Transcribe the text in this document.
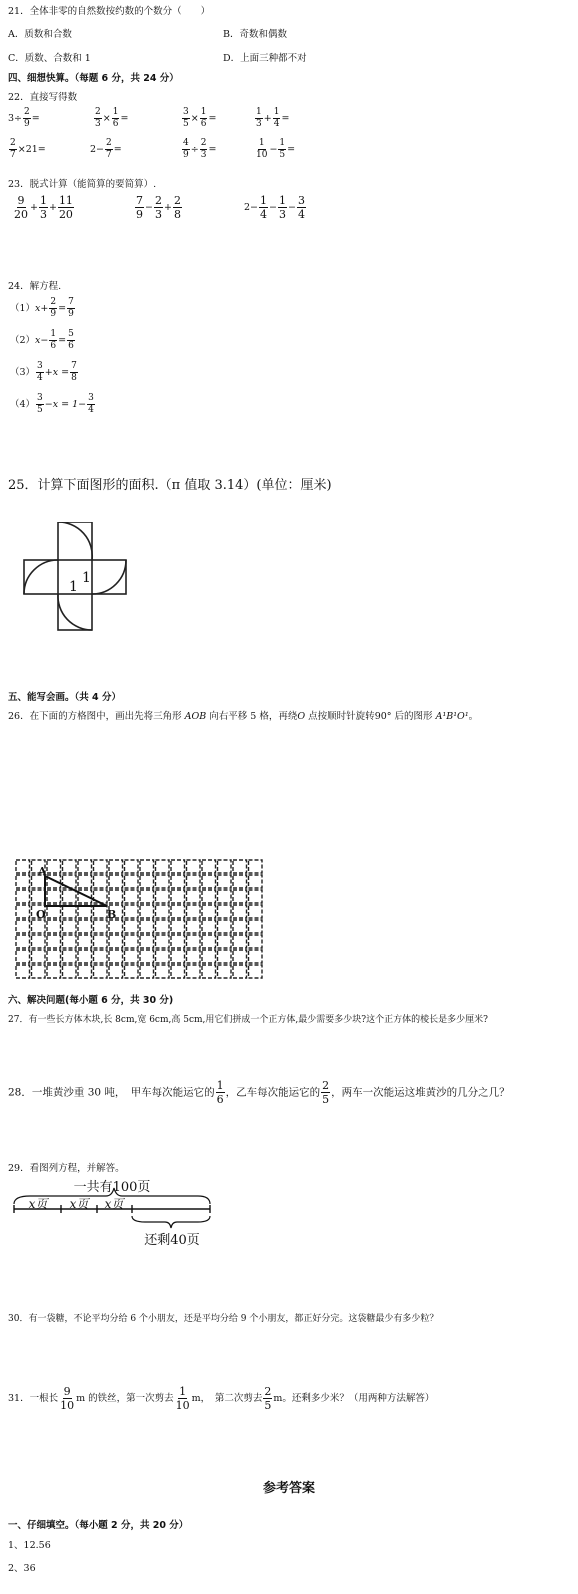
21．全体非零的自然数按约数的个数分（　　）
A．质数和合数	B．奇数和偶数
C．质数、合数和 1	D．上面三种都不对
四、细想快算。（每题 6 分，共 24 分）
22．直接写得数
$3\div \frac{2}{9}$ =	$\frac{2}{3} \times \frac{1}{6}$ =	$\frac{3}{5} \times \frac{1}{6}$ =	$\frac{1}{3} + \frac{1}{4}$ =
$\frac{2}{7} \times 21=$	$2- \frac{2}{7}$ =	$\frac{4}{9} \div \frac{2}{3}$ =	$\frac{1}{10} - \frac{1}{5}$ =
23．脱式计算（能简算的要简算）.
$\frac{9}{20} + \frac{1}{3} + \frac{11}{20}$	$\frac{7}{9} - \frac{2}{3} + \frac{2}{8}$	$2- \frac{1}{4} - \frac{1}{3} - \frac{3}{4}$
24．解方程.
$(1)x+ \frac{2}{9} = \frac{7}{9}$
$(2)x- \frac{1}{6} = \frac{5}{6}$
$(3) \frac{3}{4} +x = \frac{7}{8}$
$(4) \frac{3}{5} -x = 1- \frac{3}{4}$
25．计算下面图形的面积.（π 值取 3.14）(单位：厘米)
1
1
五、能写会画。（共 4 分）
26．在下面的方格图中，画出先将三角形 AOB 向右平移 5 格，再绕O 点按顺时针旋转90° 后的图形 A¹B¹O¹。
A
O	B
六、解决问题(每小题 6 分，共 30 分)
27．有一些长方体木块,长 8cm,宽 6cm,高 5cm,用它们拼成一个正方体,最少需要多少块?这个正方体的棱长是多少厘米?
28．一堆黄沙重 30 吨，　甲车每次能运它的 $\frac{1}{6}$ ，乙车每次能运它的 $\frac{2}{5}$ ，两车一次能运这堆黄沙的几分之几？
29．看图列方程，并解答。
一共有100页
x页 x页 x页
还剩40页
30．有一袋糖，不论平均分给 6 个小朋友，还是平均分给 9 个小朋友，都正好分完。这袋糖最少有多少粒？
31．一根长 $\frac{9}{10}$ m 的铁丝，第一次剪去 $\frac{1}{10}$ m，　第二次剪去 $\frac{2}{5}$ m。还剩多少米？（用两种方法解答）
参考答案
一、仔细填空。（每小题 2 分，共 20 分）
1、12.56
2、36
